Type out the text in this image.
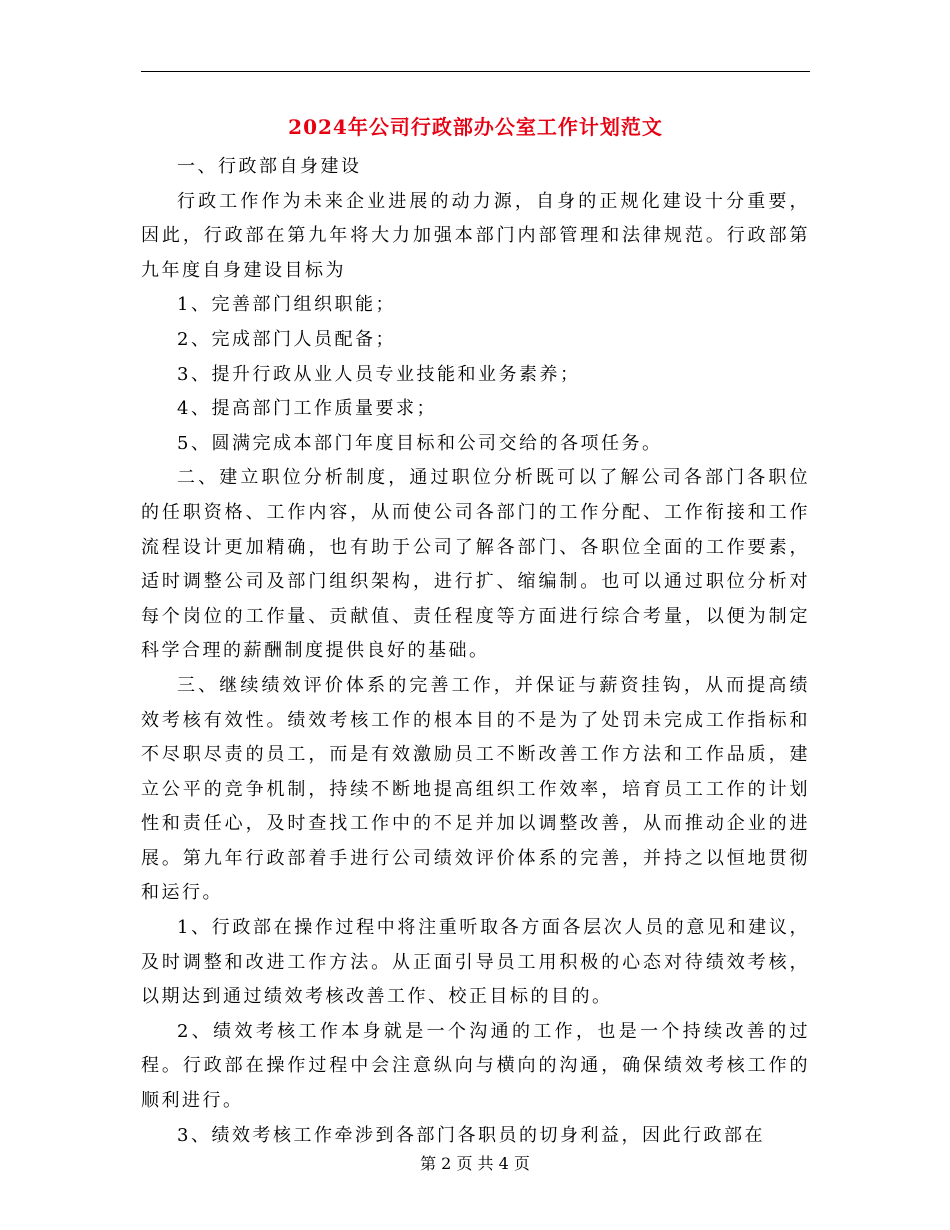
2024年公司行政部办公室工作计划范文

一、行政部自身建设

行政工作作为未来企业进展的动力源，自身的正规化建设十分重要，因此，行政部在第九年将大力加强本部门内部管理和法律规范。行政部第九年度自身建设目标为

1、完善部门组织职能；

2、完成部门人员配备；

3、提升行政从业人员专业技能和业务素养；

4、提高部门工作质量要求；

5、圆满完成本部门年度目标和公司交给的各项任务。

二、建立职位分析制度，通过职位分析既可以了解公司各部门各职位的任职资格、工作内容，从而使公司各部门的工作分配、工作衔接和工作流程设计更加精确，也有助于公司了解各部门、各职位全面的工作要素，适时调整公司及部门组织架构，进行扩、缩编制。也可以通过职位分析对每个岗位的工作量、贡献值、责任程度等方面进行综合考量，以便为制定科学合理的薪酬制度提供良好的基础。

三、继续绩效评价体系的完善工作，并保证与薪资挂钩，从而提高绩效考核有效性。绩效考核工作的根本目的不是为了处罚未完成工作指标和不尽职尽责的员工，而是有效激励员工不断改善工作方法和工作品质，建立公平的竞争机制，持续不断地提高组织工作效率，培育员工工作的计划性和责任心，及时查找工作中的不足并加以调整改善，从而推动企业的进展。第九年行政部着手进行公司绩效评价体系的完善，并持之以恒地贯彻和运行。

1、行政部在操作过程中将注重听取各方面各层次人员的意见和建议，及时调整和改进工作方法。从正面引导员工用积极的心态对待绩效考核，以期达到通过绩效考核改善工作、校正目标的目的。

2、绩效考核工作本身就是一个沟通的工作，也是一个持续改善的过程。行政部在操作过程中会注意纵向与横向的沟通，确保绩效考核工作的顺利进行。

3、绩效考核工作牵涉到各部门各职员的切身利益，因此行政部在

第 2 页 共 4 页
